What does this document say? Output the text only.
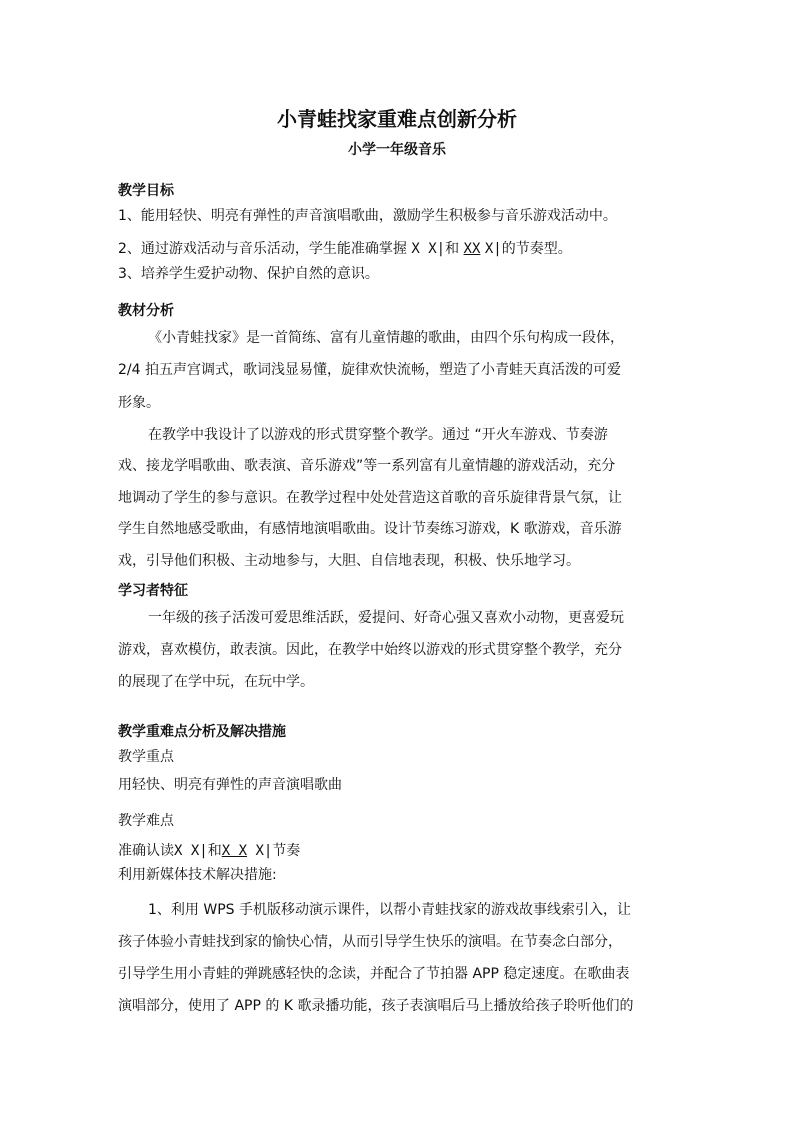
小青蛙找家重难点创新分析
小学一年级音乐
教学目标
1、能用轻快、明亮有弹性的声音演唱歌曲，激励学生积极参与音乐游戏活动中。
2、通过游戏活动与音乐活动，学生能准确掌握 X X|和 XX X|的节奏型。
3、培养学生爱护动物、保护自然的意识。
教材分析
《小青蛙找家》是一首简练、富有儿童情趣的歌曲，由四个乐句构成一段体，
2/4 拍五声宫调式，歌词浅显易懂，旋律欢快流畅，塑造了小青蛙天真活泼的可爱
形象。
在教学中我设计了以游戏的形式贯穿整个教学。通过 “开火车游戏、节奏游
戏、接龙学唱歌曲、歌表演、音乐游戏”等一系列富有儿童情趣的游戏活动，充分
地调动了学生的参与意识。在教学过程中处处营造这首歌的音乐旋律背景气氛，让
学生自然地感受歌曲，有感情地演唱歌曲。设计节奏练习游戏，K 歌游戏，音乐游
戏，引导他们积极、主动地参与，大胆、自信地表现，积极、快乐地学习。
学习者特征
一年级的孩子活泼可爱思维活跃，爱提问、好奇心强又喜欢小动物，更喜爱玩
游戏，喜欢模仿，敢表演。因此，在教学中始终以游戏的形式贯穿整个教学，充分
的展现了在学中玩，在玩中学。
教学重难点分析及解决措施
教学重点
用轻快、明亮有弹性的声音演唱歌曲
教学难点
准确认读X X|和X X X|节奏
利用新媒体技术解决措施:
1、利用 WPS 手机版移动演示课件，以帮小青蛙找家的游戏故事线索引入，让
孩子体验小青蛙找到家的愉快心情，从而引导学生快乐的演唱。在节奏念白部分，
引导学生用小青蛙的弹跳感轻快的念读，并配合了节拍器 APP 稳定速度。在歌曲表
演唱部分，使用了 APP 的 K 歌录播功能，孩子表演唱后马上播放给孩子聆听他们的
